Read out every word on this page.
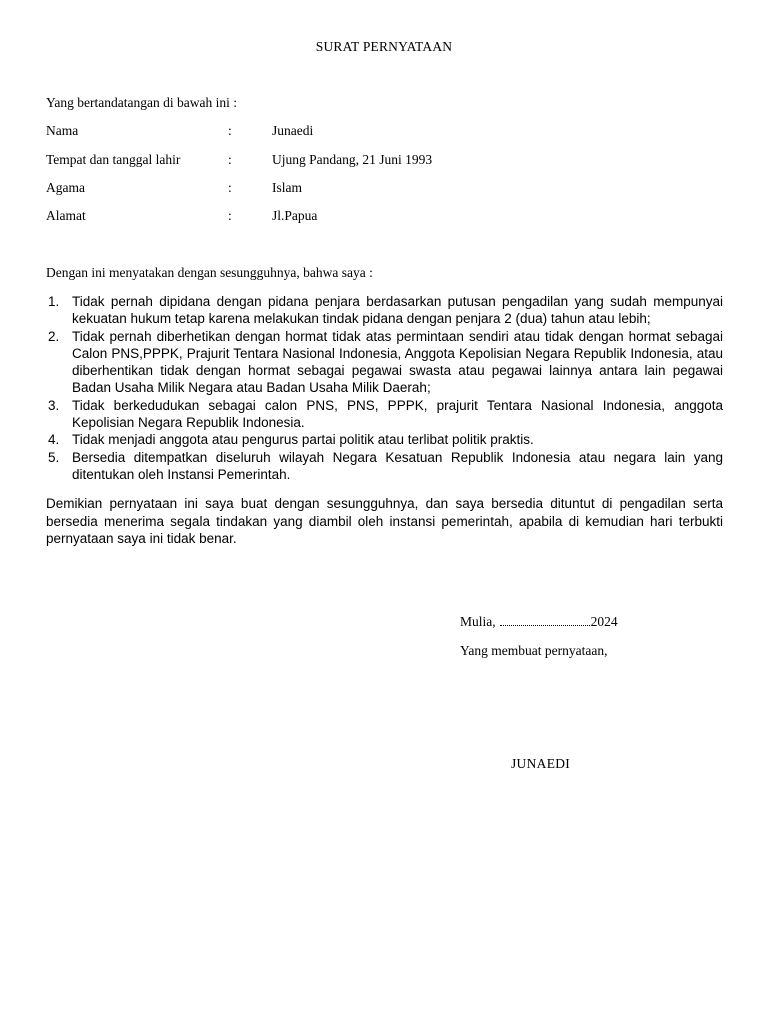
SURAT PERNYATAAN
Yang bertandatangan di bawah ini :
Nama	:	Junaedi
Tempat dan tanggal lahir	:	Ujung Pandang, 21 Juni 1993
Agama	:	Islam
Alamat	:	Jl.Papua
Dengan ini menyatakan dengan sesungguhnya, bahwa saya :
1. Tidak pernah dipidana dengan pidana penjara berdasarkan putusan pengadilan yang sudah mempunyai kekuatan hukum tetap karena melakukan tindak pidana dengan penjara 2 (dua) tahun atau lebih;
2. Tidak pernah diberhetikan dengan hormat tidak atas permintaan sendiri atau tidak dengan hormat sebagai Calon PNS,PPPK, Prajurit Tentara Nasional Indonesia, Anggota Kepolisian Negara Republik Indonesia, atau diberhentikan tidak dengan hormat sebagai pegawai swasta atau pegawai lainnya antara lain pegawai Badan Usaha Milik Negara atau Badan Usaha Milik Daerah;
3. Tidak berkedudukan sebagai calon PNS, PNS, PPPK, prajurit Tentara Nasional Indonesia, anggota Kepolisian Negara Republik Indonesia.
4. Tidak menjadi anggota atau pengurus partai politik atau terlibat politik praktis.
5. Bersedia ditempatkan diseluruh wilayah Negara Kesatuan Republik Indonesia atau negara lain yang ditentukan oleh Instansi Pemerintah.
Demikian pernyataan ini saya buat dengan sesungguhnya, dan saya bersedia dituntut di pengadilan serta bersedia menerima segala tindakan yang diambil oleh instansi pemerintah, apabila di kemudian hari terbukti pernyataan saya ini tidak benar.
Mulia,	2024
Yang membuat pernyataan,
JUNAEDI
